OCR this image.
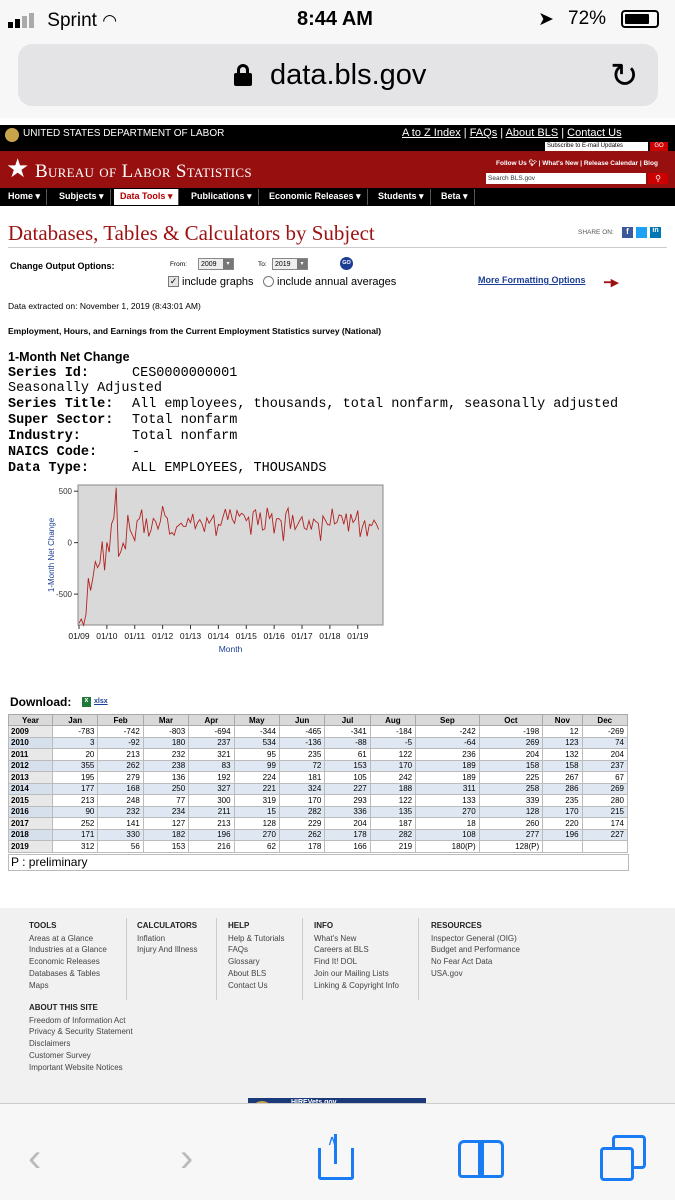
Sprint ◠	8:44 AM	➤ 72%
data.bls.gov	↻
UNITED STATES DEPARTMENT OF LABOR	A to Z Index | FAQs | About BLS | Contact Us
Subscribe to E-mail Updates	GO
★ Bureau of Labor Statistics	Follow Us 🐦︎ | What's New | Release Calendar | Blog
Search BLS.gov	⚲
Home ▾	Subjects ▾	Data Tools ▾	Publications ▾	Economic Releases ▾	Students ▾	Beta ▾
Databases, Tables & Calculators by Subject	SHARE ON:	f	in
Change Output Options:	From:	2009	▾	To:	2019	▾	GO
✓ include graphs include annual averages	More Formatting Options ━▶
Data extracted on: November 1, 2019 (8:43:01 AM)
Employment, Hours, and Earnings from the Current Employment Statistics survey (National)
1-Month Net Change
Series Id:	CES0000000001
Seasonally Adjusted
Series Title: All employees, thousands, total nonfarm, seasonally adjusted
Super Sector: Total nonfarm
Industry:	Total nonfarm
NAICS Code:	-
Data Type:	ALL EMPLOYEES, THOUSANDS
500
0
-500
01/09 01/10 01/11 01/12 01/13 01/14 01/15 01/16 01/17 01/18 01/19
Month
1-Month Net Change
Download:	x xlsx
Year	Jan	Feb	Mar	Apr	May	Jun	Jul	Aug	Sep	Oct	Nov	Dec
2009	-783	-742	-803	-694	-344	-465	-341	-184	-242	-198	12	-269
2010	3	-92	180	237	534	-136	-88	-5	-64	269	123	74
2011	20	213	232	321	95	235	61	122	236	204	132	204
2012	355	262	238	83	99	72	153	170	189	158	158	237
2013	195	279	136	192	224	181	105	242	189	225	267	67
2014	177	168	250	327	221	324	227	188	311	258	286	269
2015	213	248	77	300	319	170	293	122	133	339	235	280
2016	90	232	234	211	15	282	336	135	270	128	170	215
2017	252	141	127	213	128	229	204	187	18	260	220	174
2018	171	330	182	196	270	262	178	282	108	277	196	227
2019	312	56	153	216	62	178	166	219	180(P)	128(P)		
P : preliminary
TOOLS
Areas at a Glance
Industries at a Glance
Economic Releases
Databases & Tables
Maps
CALCULATORS
Inflation
Injury And Illness
HELP
Help & Tutorials
FAQs
Glossary
About BLS
Contact Us
INFO
What's New
Careers at BLS
Find It! DOL
Join our Mailing Lists
Linking & Copyright Info
RESOURCES
Inspector General (OIG)
Budget and Performance
No Fear Act Data
USA.gov
ABOUT THIS SITE
Freedom of Information Act
Privacy & Security Statement
Disclaimers
Customer Survey
Important Website Notices
‹	›	∧
